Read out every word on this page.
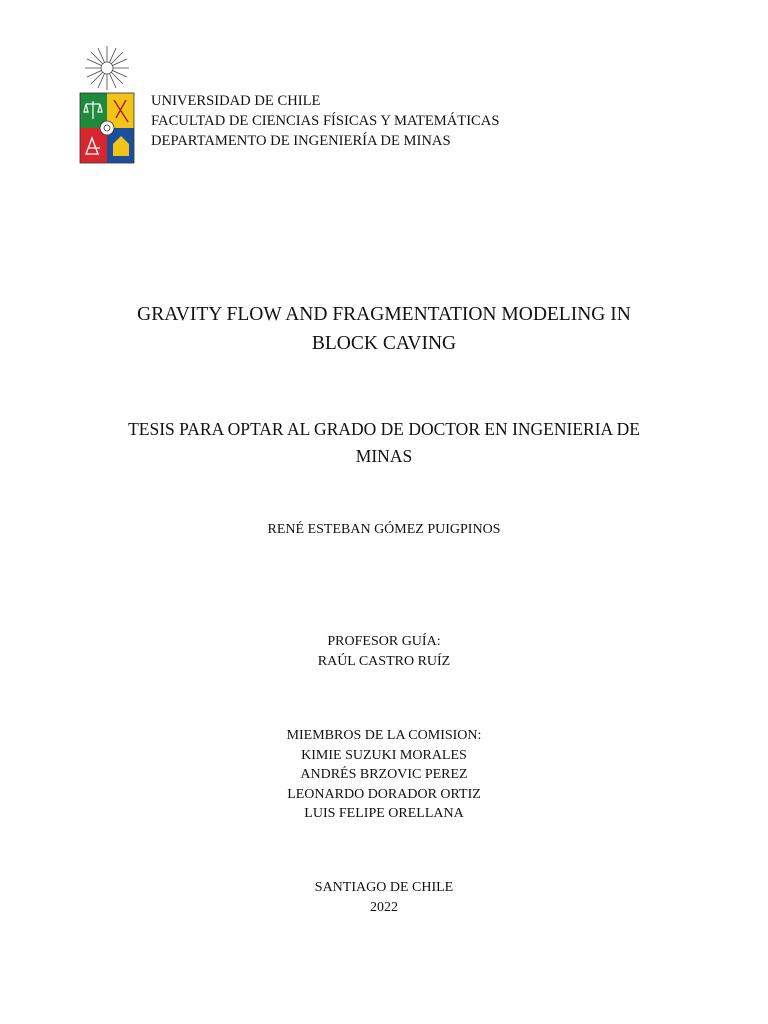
UNIVERSIDAD DE CHILE
FACULTAD DE CIENCIAS FÍSICAS Y MATEMÁTICAS
DEPARTAMENTO DE INGENIERÍA DE MINAS
GRAVITY FLOW AND FRAGMENTATION MODELING IN
BLOCK CAVING
TESIS PARA OPTAR AL GRADO DE DOCTOR EN INGENIERIA DE
MINAS
RENÉ ESTEBAN GÓMEZ PUIGPINOS
PROFESOR GUÍA:
RAÚL CASTRO RUÍZ
MIEMBROS DE LA COMISION:
KIMIE SUZUKI MORALES
ANDRÉS BRZOVIC PEREZ
LEONARDO DORADOR ORTIZ
LUIS FELIPE ORELLANA
SANTIAGO DE CHILE
2022
